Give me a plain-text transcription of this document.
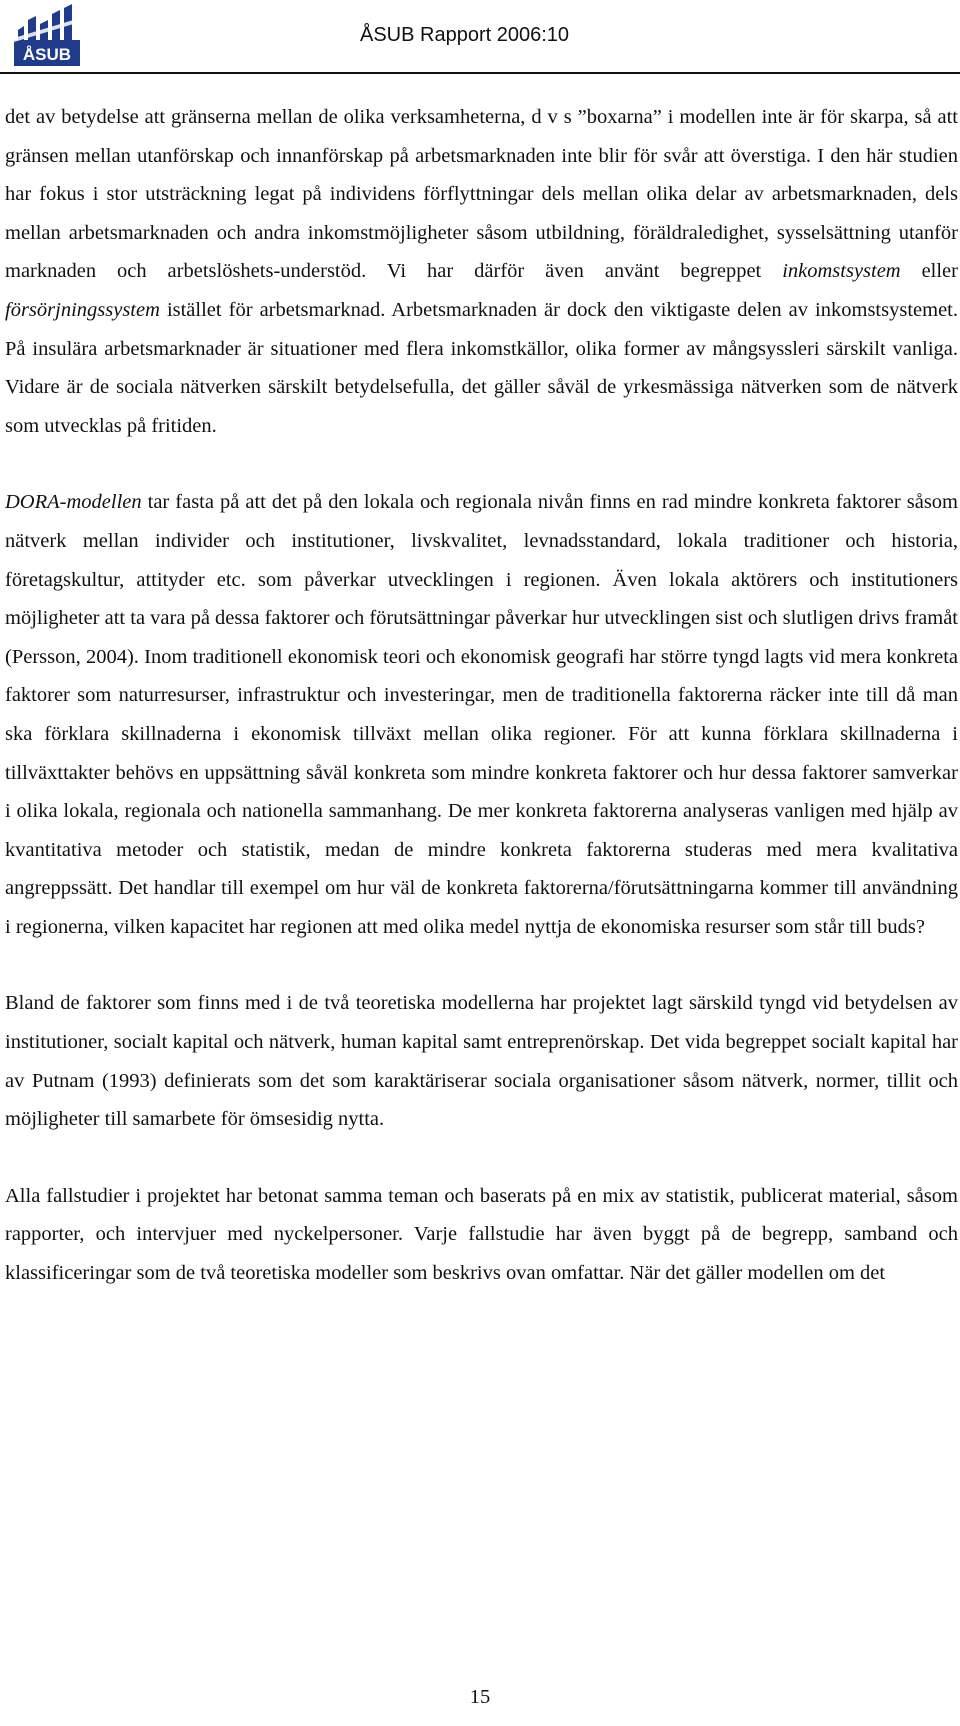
ÅSUB
ÅSUB Rapport 2006:10

det av betydelse att gränserna mellan de olika verksamheterna, d v s ”boxarna” i modellen inte är för skarpa, så att gränsen mellan utanförskap och innanförskap på arbetsmarknaden inte blir för svår att överstiga. I den här studien har fokus i stor utsträckning legat på individens förflyttningar dels mellan olika delar av arbetsmarknaden, dels mellan arbetsmarknaden och andra inkomstmöjligheter såsom utbildning, föräldraledighet, sysselsättning utanför marknaden och arbetslöshets-understöd. Vi har därför även använt begreppet inkomstsystem eller försörjningssystem istället för arbetsmarknad. Arbetsmarknaden är dock den viktigaste delen av inkomstsystemet. På insulära arbetsmarknader är situationer med flera inkomstkällor, olika former av mångsyssleri särskilt vanliga. Vidare är de sociala nätverken särskilt betydelsefulla, det gäller såväl de yrkesmässiga nätverken som de nätverk som utvecklas på fritiden.

DORA-modellen tar fasta på att det på den lokala och regionala nivån finns en rad mindre konkreta faktorer såsom nätverk mellan individer och institutioner, livskvalitet, levnadsstandard, lokala traditioner och historia, företagskultur, attityder etc. som påverkar utvecklingen i regionen. Även lokala aktörers och institutioners möjligheter att ta vara på dessa faktorer och förutsättningar påverkar hur utvecklingen sist och slutligen drivs framåt (Persson, 2004). Inom traditionell ekonomisk teori och ekonomisk geografi har större tyngd lagts vid mera konkreta faktorer som naturresurser, infrastruktur och investeringar, men de traditionella faktorerna räcker inte till då man ska förklara skillnaderna i ekonomisk tillväxt mellan olika regioner. För att kunna förklara skillnaderna i tillväxttakter behövs en uppsättning såväl konkreta som mindre konkreta faktorer och hur dessa faktorer samverkar i olika lokala, regionala och nationella sammanhang. De mer konkreta faktorerna analyseras vanligen med hjälp av kvantitativa metoder och statistik, medan de mindre konkreta faktorerna studeras med mera kvalitativa angreppssätt. Det handlar till exempel om hur väl de konkreta faktorerna/förutsättningarna kommer till användning i regionerna, vilken kapacitet har regionen att med olika medel nyttja de ekonomiska resurser som står till buds?

Bland de faktorer som finns med i de två teoretiska modellerna har projektet lagt särskild tyngd vid betydelsen av institutioner, socialt kapital och nätverk, human kapital samt entreprenörskap. Det vida begreppet socialt kapital har av Putnam (1993) definierats som det som karaktäriserar sociala organisationer såsom nätverk, normer, tillit och möjligheter till samarbete för ömsesidig nytta.

Alla fallstudier i projektet har betonat samma teman och baserats på en mix av statistik, publicerat material, såsom rapporter, och intervjuer med nyckelpersoner. Varje fallstudie har även byggt på de begrepp, samband och klassificeringar som de två teoretiska modeller som beskrivs ovan omfattar. När det gäller modellen om det

15
